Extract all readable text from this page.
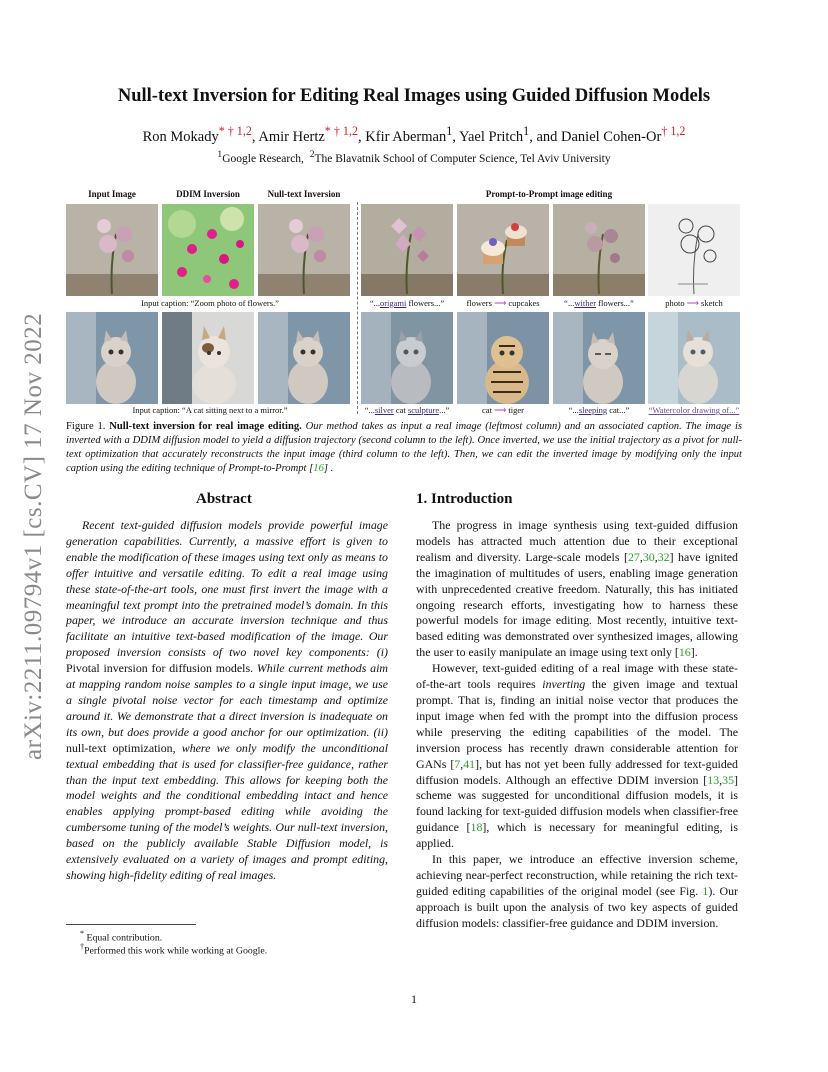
arXiv:2211.09794v1 [cs.CV] 17 Nov 2022
Null-text Inversion for Editing Real Images using Guided Diffusion Models
Ron Mokady$^{* \dagger 1,2}$, Amir Hertz$^{* \dagger 1,2}$, Kfir Aberman$^1$, Yael Pritch$^1$, and Daniel Cohen-Or$^{\dagger 1,2}$
$^1$Google Research, $^2$The Blavatnik School of Computer Science, Tel Aviv University
Input Image	DDIM Inversion	Null-text Inversion	Prompt-to-Prompt image editing
Input caption: “Zoom photo of flowers.”	“...origami flowers...”	flowers ⟶ cupcakes	“...wither flowers...”	photo ⟶ sketch
Input caption: “A cat sitting next to a mirror.”	“...silver cat sculpture...”	cat ⟶ tiger	“...sleeping cat...”	“Watercolor drawing of...”
Figure 1. Null-text inversion for real image editing. Our method takes as input a real image (leftmost column) and an associated caption. The image is inverted with a DDIM diffusion model to yield a diffusion trajectory (second column to the left). Once inverted, we use the initial trajectory as a pivot for null-text optimization that accurately reconstructs the input image (third column to the left). Then, we can edit the inverted image by modifying only the input caption using the editing technique of Prompt-to-Prompt [16] .
Abstract

Recent text-guided diffusion models provide powerful image generation capabilities. Currently, a massive effort is given to enable the modification of these images using text only as means to offer intuitive and versatile editing. To edit a real image using these state-of-the-art tools, one must first invert the image with a meaningful text prompt into the pretrained model’s domain. In this paper, we introduce an accurate inversion technique and thus facilitate an intuitive text-based modification of the image. Our proposed inversion consists of two novel key components: (i) Pivotal inversion for diffusion models. While current methods aim at mapping random noise samples to a single input image, we use a single pivotal noise vector for each timestamp and optimize around it. We demonstrate that a direct inversion is inadequate on its own, but does provide a good anchor for our optimization. (ii) null-text optimization, where we only modify the unconditional textual embedding that is used for classifier-free guidance, rather than the input text embedding. This allows for keeping both the model weights and the conditional embedding intact and hence enables applying prompt-based editing while avoiding the cumbersome tuning of the model’s weights. Our null-text inversion, based on the publicly available Stable Diffusion model, is extensively evaluated on a variety of images and prompt editing, showing high-fidelity editing of real images.

* Equal contribution.
†Performed this work while working at Google.
1. Introduction

The progress in image synthesis using text-guided diffusion models has attracted much attention due to their exceptional realism and diversity. Large-scale models [27,30,32] have ignited the imagination of multitudes of users, enabling image generation with unprecedented creative freedom. Naturally, this has initiated ongoing research efforts, investigating how to harness these powerful models for image editing. Most recently, intuitive text-based editing was demonstrated over synthesized images, allowing the user to easily manipulate an image using text only [16].

However, text-guided editing of a real image with these state-of-the-art tools requires inverting the given image and textual prompt. That is, finding an initial noise vector that produces the input image when fed with the prompt into the diffusion process while preserving the editing capabilities of the model. The inversion process has recently drawn considerable attention for GANs [7,41], but has not yet been fully addressed for text-guided diffusion models. Although an effective DDIM inversion [13,35] scheme was suggested for unconditional diffusion models, it is found lacking for text-guided diffusion models when classifier-free guidance [18], which is necessary for meaningful editing, is applied.

In this paper, we introduce an effective inversion scheme, achieving near-perfect reconstruction, while retaining the rich text-guided editing capabilities of the original model (see Fig. 1). Our approach is built upon the analysis of two key aspects of guided diffusion models: classifier-free guidance and DDIM inversion.

1
